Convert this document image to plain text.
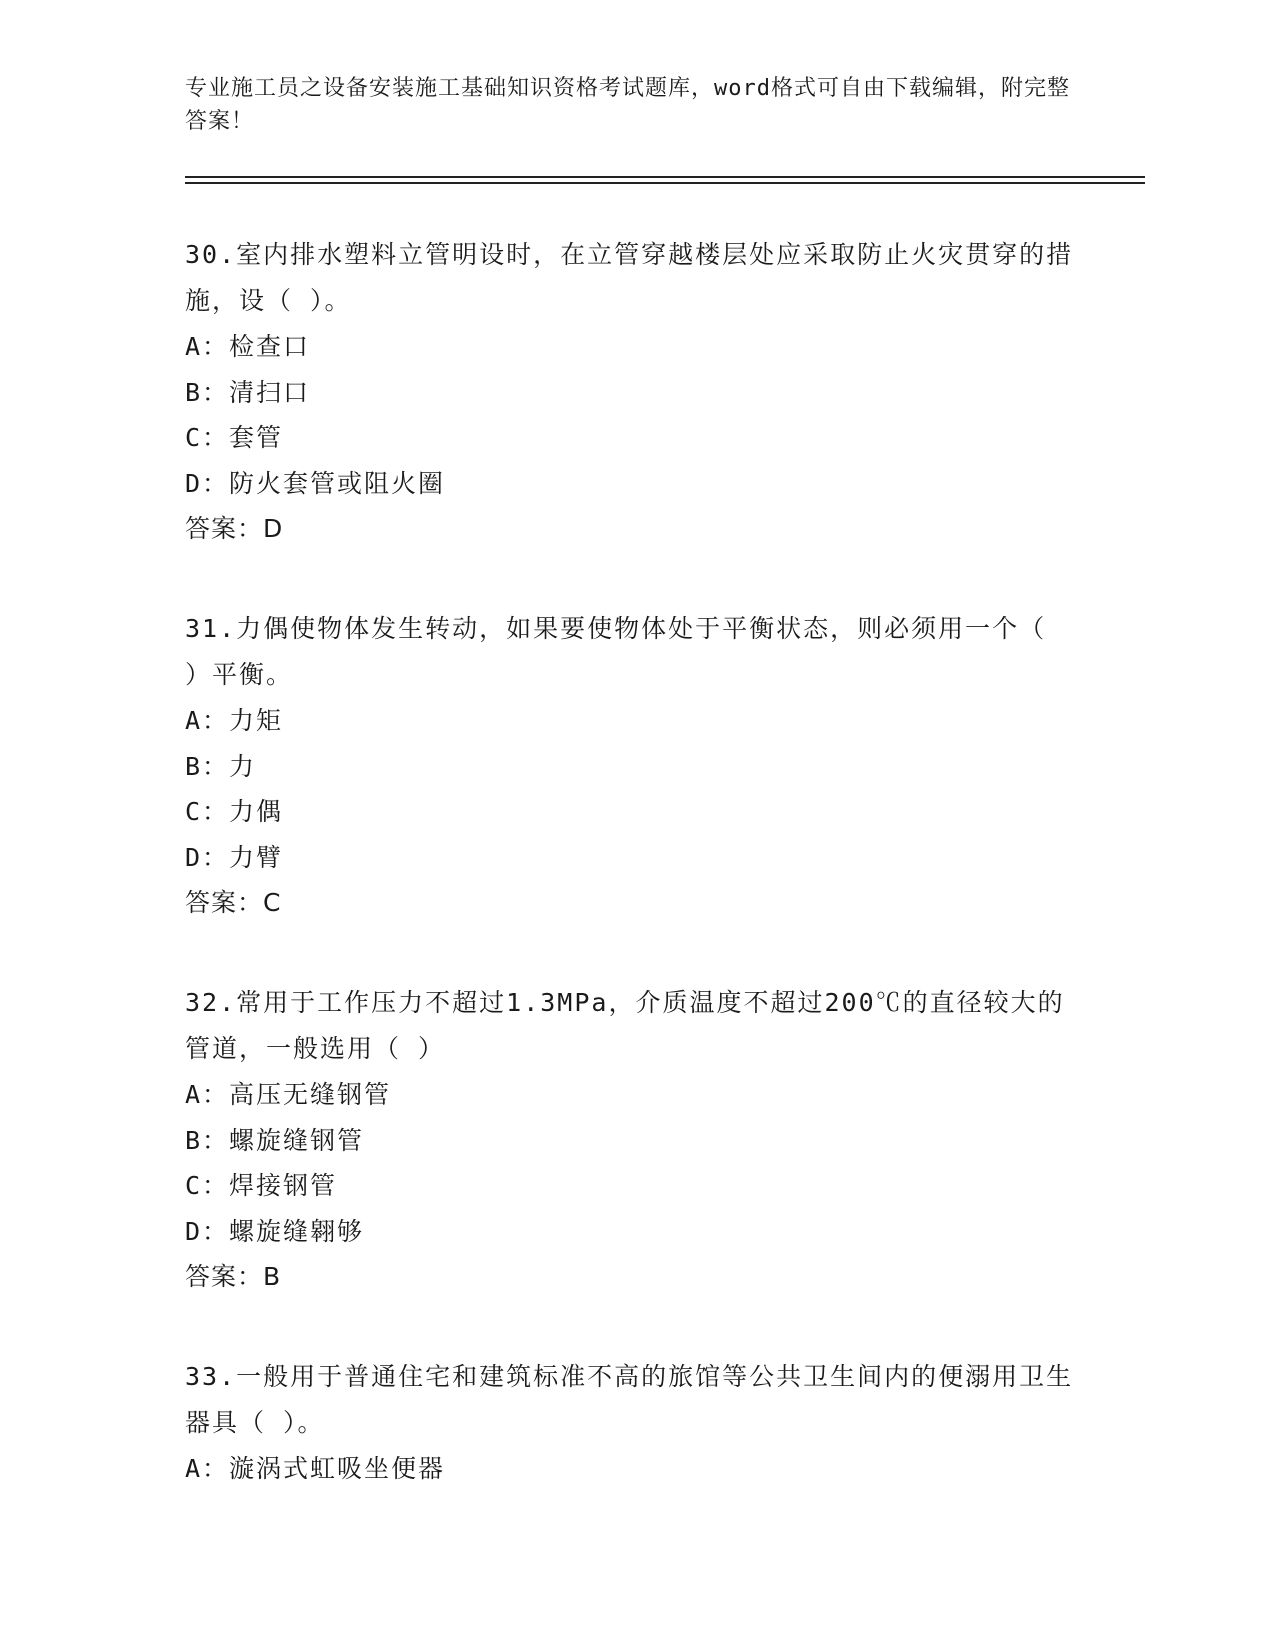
专业施工员之设备安装施工基础知识资格考试题库，word格式可自由下载编辑，附完整答案！

30.室内排水塑料立管明设时，在立管穿越楼层处应采取防止火灾贯穿的措施，设（ ）。

A：检查口

B：清扫口

C：套管

D：防火套管或阻火圈

答案：D

31.力偶使物体发生转动，如果要使物体处于平衡状态，则必须用一个（ ）平衡。

A：力矩

B：力

C：力偶

D：力臂

答案：C

32.常用于工作压力不超过1.3MPa，介质温度不超过200℃的直径较大的管道，一般选用（ ）

A：高压无缝钢管

B：螺旋缝钢管

C：焊接钢管

D：螺旋缝翱够

答案：B

33.一般用于普通住宅和建筑标准不高的旅馆等公共卫生间内的便溺用卫生器具（ ）。

A：漩涡式虹吸坐便器
